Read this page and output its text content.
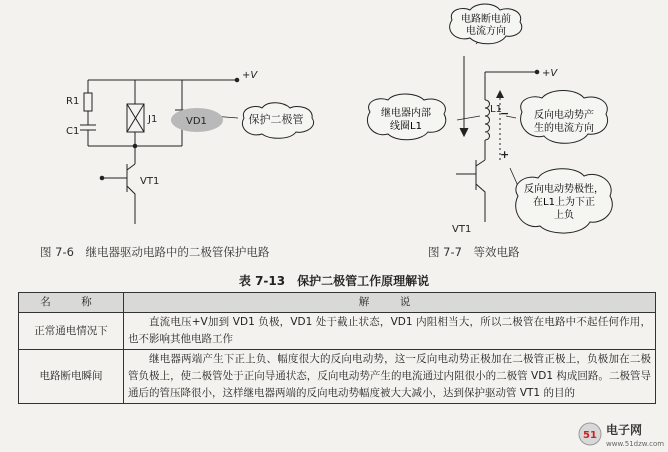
保护二极管
R1
C1
J1	VD1
VT1
+V
−
+
电路断电前
电流方向
继电器内部
线圈L1
反向电动势产
生的电流方向
反向电动势极性，
在L1上为下正
上负
L1
VT1
+V
图 7-6　继电器驱动电路中的二极管保护电路	图 7-7　等效电路
表 7-13　保护二极管工作原理解说
名　称	解　说
正常通电情况下	直流电压+V加到 VD1 负极，VD1 处于截止状态，VD1 内阻相当大，所以二极管在电路中不起任何作用，也不影响其他电路工作
电路断电瞬间	继电器两端产生下正上负、幅度很大的反向电动势，这一反向电动势正极加在二极管正极上，负极加在二极管负极上，使二极管处于正向导通状态，反向电动势产生的电流通过内阻很小的二极管 VD1 构成回路。二极管导通后的管压降很小，这样继电器两端的反向电动势幅度被大大减小，达到保护驱动管 VT1 的目的
51 电子网
www.51dzw.com
